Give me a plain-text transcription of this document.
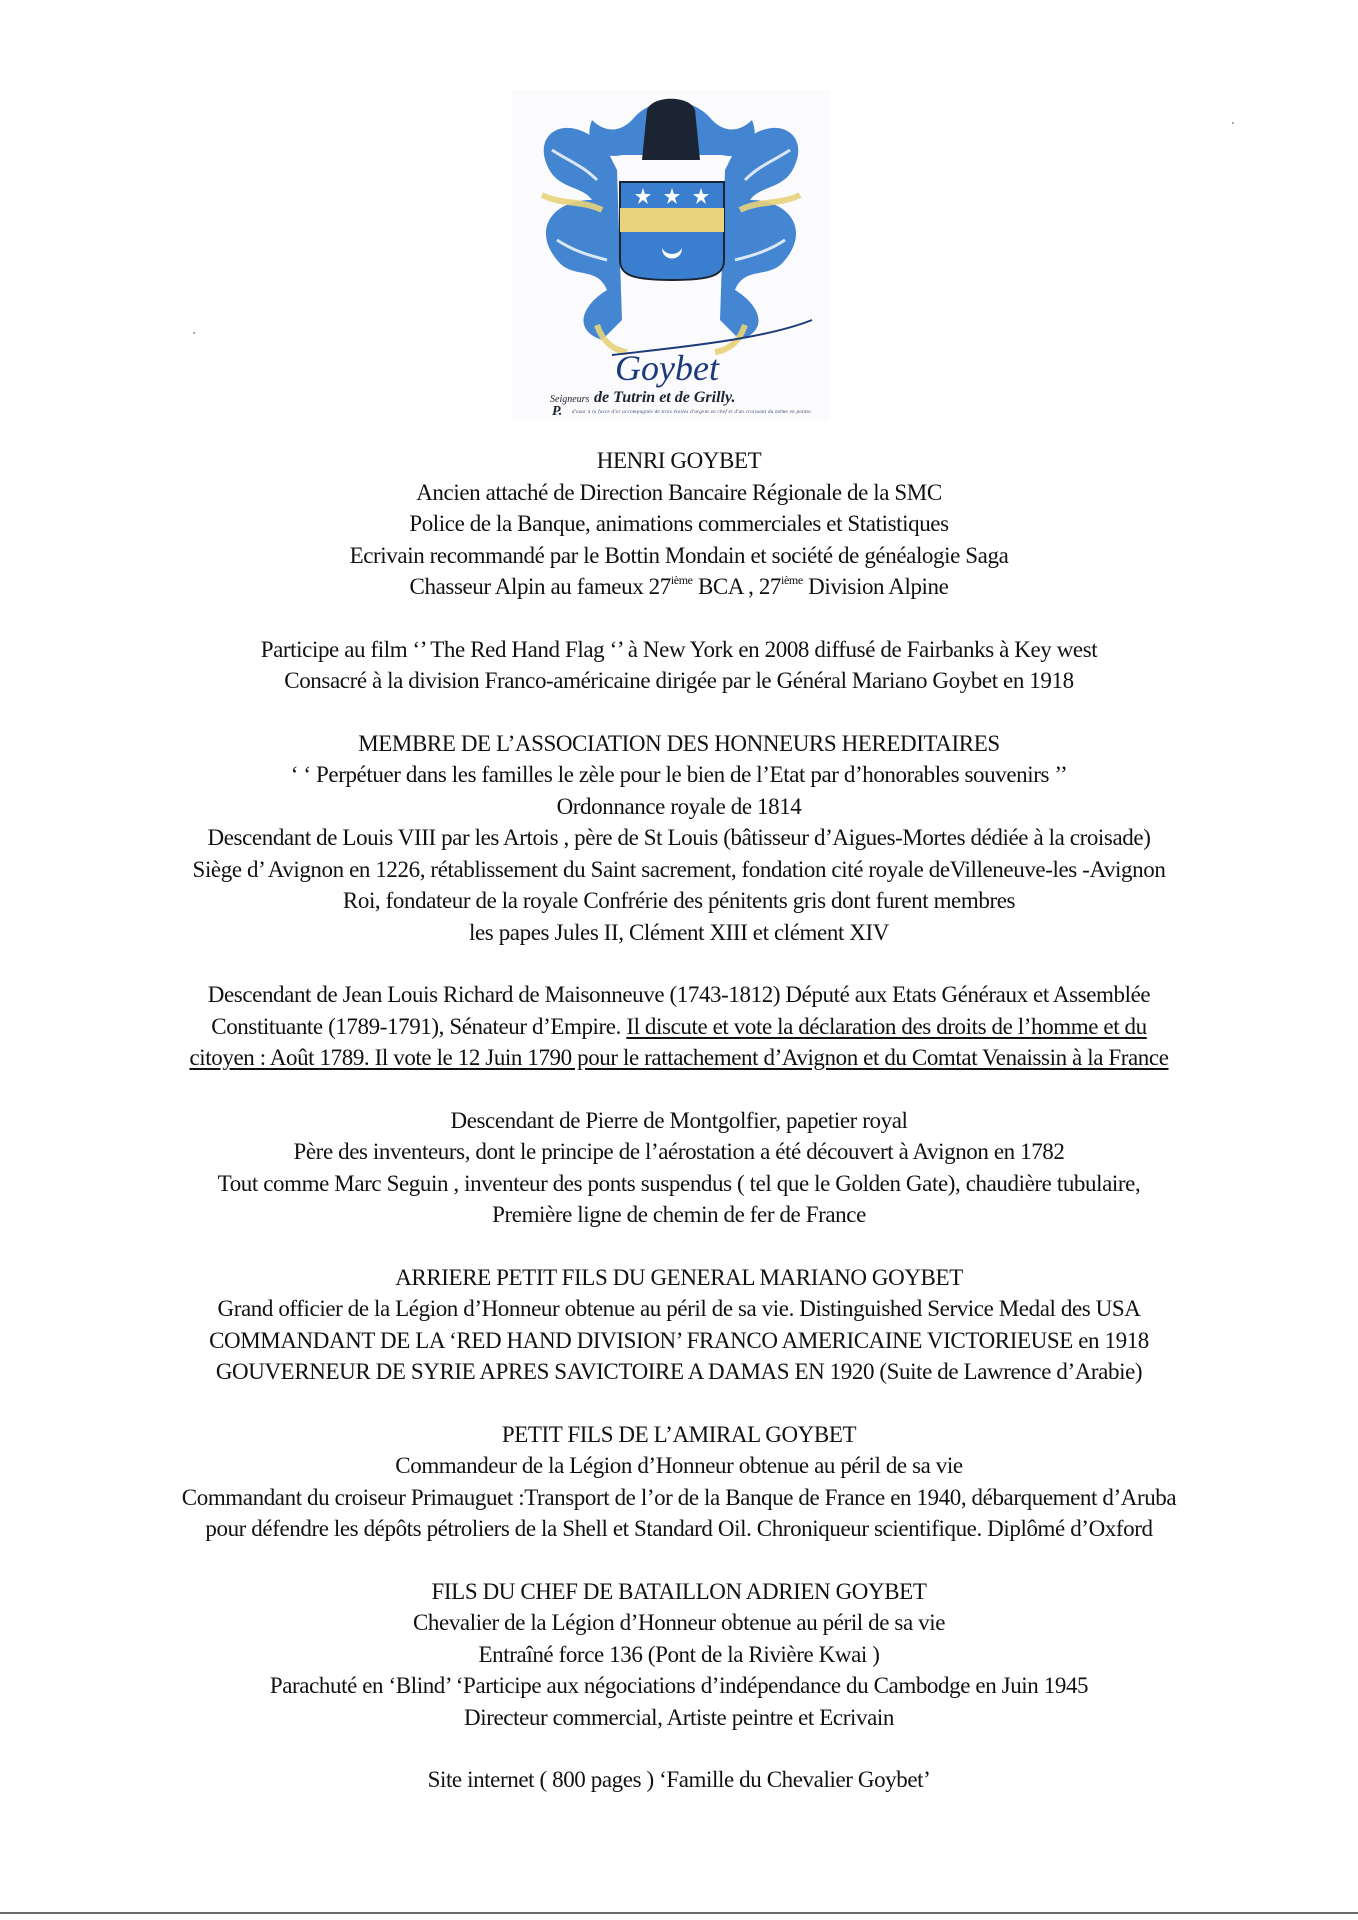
Goybet
Seigneurs de Tutrin et de Grilly.
P. d'azur à la fasce d'or accompagnée de trois étoiles d'argent en chef et d'un croissant du même en pointe.

HENRI GOYBET

Ancien attaché de Direction Bancaire Régionale de la SMC

Police de la Banque, animations commerciales et Statistiques

Ecrivain recommandé par le Bottin Mondain et société de généalogie Saga

Chasseur Alpin au fameux 27ième BCA , 27ième Division Alpine

Participe au film ‘’ The Red Hand Flag ‘’ à New York en 2008 diffusé de Fairbanks à Key west

Consacré à la division Franco-américaine dirigée par le Général Mariano Goybet en 1918

MEMBRE DE L’ASSOCIATION DES HONNEURS HEREDITAIRES

‘ ‘ Perpétuer dans les familles le zèle pour le bien de l’Etat par d’honorables souvenirs ’’

Ordonnance royale de 1814

Descendant de Louis VIII par les Artois , père de St Louis (bâtisseur d’Aigues-Mortes dédiée à la croisade)

Siège d’ Avignon en 1226, rétablissement du Saint sacrement, fondation cité royale deVilleneuve-les -Avignon

Roi, fondateur de la royale Confrérie des pénitents gris dont furent membres

les papes Jules II, Clément XIII et clément XIV

Descendant de Jean Louis Richard de Maisonneuve (1743-1812) Député aux Etats Généraux et Assemblée

Constituante (1789-1791), Sénateur d’Empire. Il discute et vote la déclaration des droits de l’homme et du

citoyen : Août 1789. Il vote le 12 Juin 1790 pour le rattachement d’Avignon et du Comtat Venaissin à la France

Descendant de Pierre de Montgolfier, papetier royal

Père des inventeurs, dont le principe de l’aérostation a été découvert à Avignon en 1782

Tout comme Marc Seguin , inventeur des ponts suspendus ( tel que le Golden Gate), chaudière tubulaire,

Première ligne de chemin de fer de France

ARRIERE PETIT FILS DU GENERAL MARIANO GOYBET

Grand officier de la Légion d’Honneur obtenue au péril de sa vie. Distinguished Service Medal des USA

COMMANDANT DE LA ‘RED HAND DIVISION’ FRANCO AMERICAINE VICTORIEUSE en 1918

GOUVERNEUR DE SYRIE APRES SAVICTOIRE A DAMAS EN 1920 (Suite de Lawrence d’Arabie)

PETIT FILS DE L’AMIRAL GOYBET

Commandeur de la Légion d’Honneur obtenue au péril de sa vie

Commandant du croiseur Primauguet :Transport de l’or de la Banque de France en 1940, débarquement d’Aruba

pour défendre les dépôts pétroliers de la Shell et Standard Oil. Chroniqueur scientifique. Diplômé d’Oxford

FILS DU CHEF DE BATAILLON ADRIEN GOYBET

Chevalier de la Légion d’Honneur obtenue au péril de sa vie

Entraîné force 136 (Pont de la Rivière Kwai )

Parachuté en ‘Blind’ ‘Participe aux négociations d’indépendance du Cambodge en Juin 1945

Directeur commercial, Artiste peintre et Ecrivain

Site internet ( 800 pages ) ‘Famille du Chevalier Goybet’
